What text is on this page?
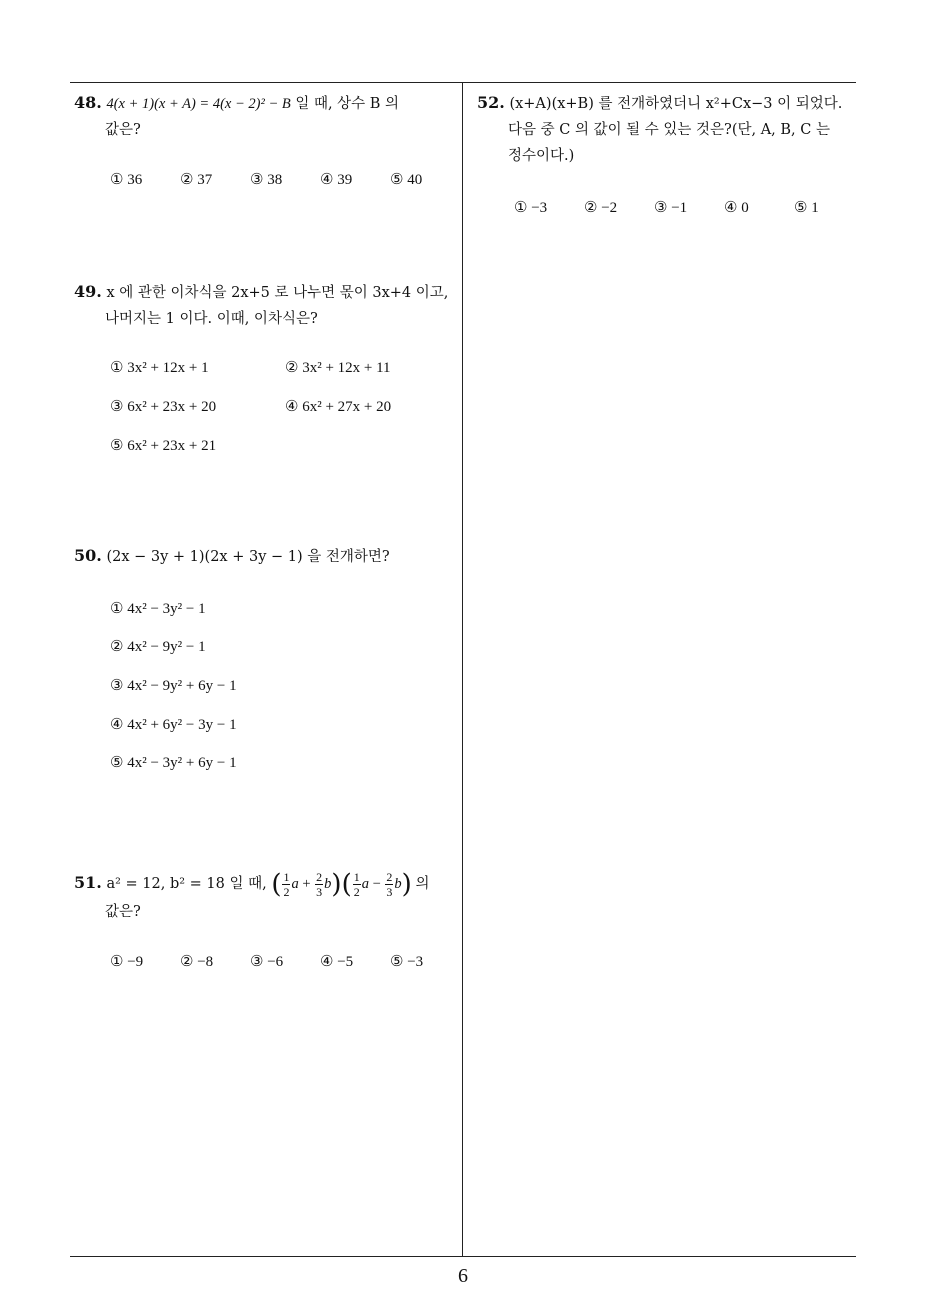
48. 4(x + 1)(x + A) = 4(x − 2)² − B 일 때, 상수 B 의
값은?
① 36	② 37	③ 38	④ 39	⑤ 40
49. x 에 관한 이차식을 2x+5 로 나누면 몫이 3x+4 이고,
나머지는 1 이다. 이때, 이차식은?
① 3x² + 12x + 1	② 3x² + 12x + 11
③ 6x² + 23x + 20	④ 6x² + 27x + 20
⑤ 6x² + 23x + 21
50. (2x − 3y + 1)(2x + 3y − 1) 을 전개하면?
① 4x² − 3y² − 1
② 4x² − 9y² − 1
③ 4x² − 9y² + 6y − 1
④ 4x² + 6y² − 3y − 1
⑤ 4x² − 3y² + 6y − 1
51. a² = 12, b² = 18 일 때, ( $\frac{1}{2}$ $a + \frac{2}{3} b)( \frac{1}{2}$ $a - \frac{2}{3} b$) 의
값은?
① −9 ② −8 ③ −6 ④ −5 ⑤ −3
52. (x+A)(x+B) 를 전개하였더니 x²+Cx−3 이 되었다.
다음 중 C 의 값이 될 수 있는 것은?(단, A, B, C 는
정수이다.)
① −3 ② −2 ③ −1 ④ 0	⑤ 1
6
